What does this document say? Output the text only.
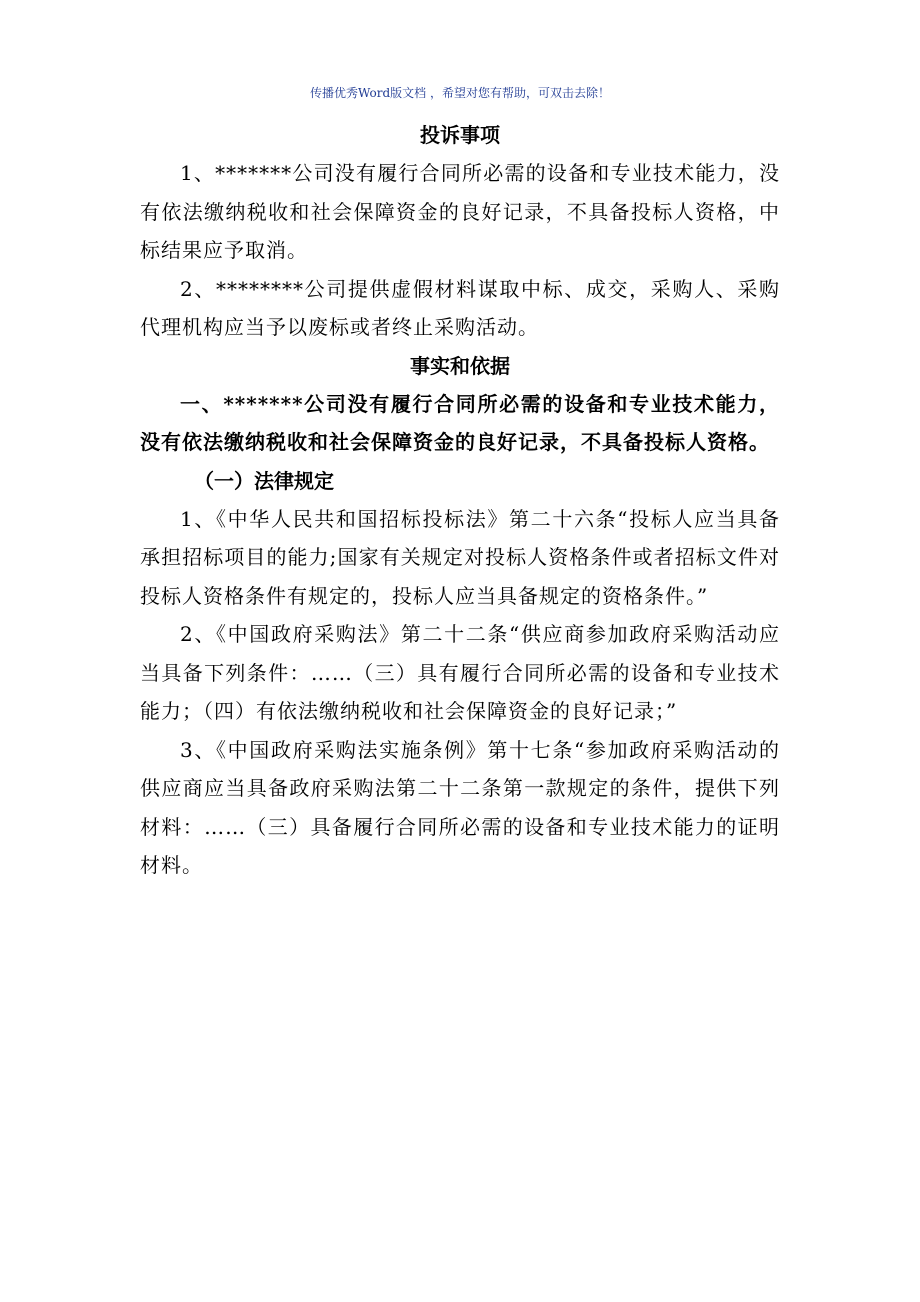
传播优秀Word版文档 ，希望对您有帮助，可双击去除！

投诉事项

1、*******公司没有履行合同所必需的设备和专业技术能力，没有依法缴纳税收和社会保障资金的良好记录，不具备投标人资格，中标结果应予取消。

2、********公司提供虚假材料谋取中标、成交，采购人、采购代理机构应当予以废标或者终止采购活动。

事实和依据

一、*******公司没有履行合同所必需的设备和专业技术能力，没有依法缴纳税收和社会保障资金的良好记录，不具备投标人资格。

（一）法律规定

1、《中华人民共和国招标投标法》第二十六条“投标人应当具备承担招标项目的能力;国家有关规定对投标人资格条件或者招标文件对投标人资格条件有规定的，投标人应当具备规定的资格条件。”

2、《中国政府采购法》第二十二条“供应商参加政府采购活动应当具备下列条件：……（三）具有履行合同所必需的设备和专业技术能力；（四）有依法缴纳税收和社会保障资金的良好记录；”

3、《中国政府采购法实施条例》第十七条“参加政府采购活动的供应商应当具备政府采购法第二十二条第一款规定的条件，提供下列材料：……（三）具备履行合同所必需的设备和专业技术能力的证明材料。
